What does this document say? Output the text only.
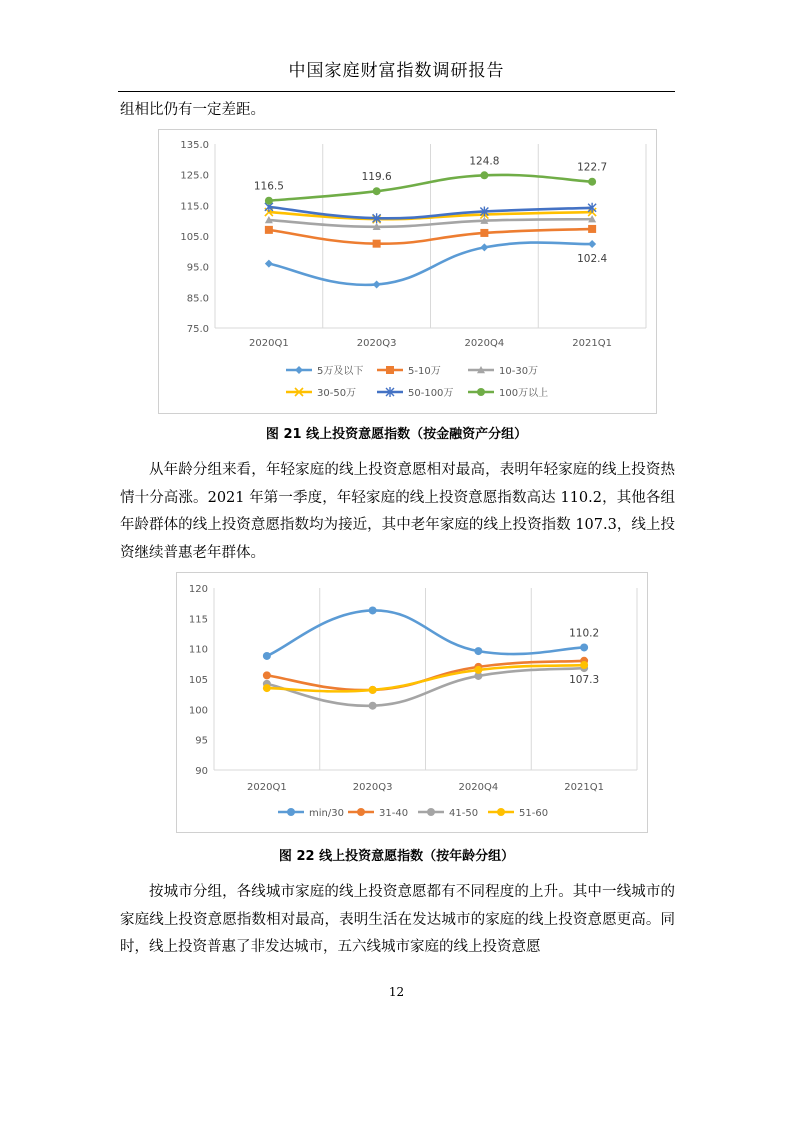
中国家庭财富指数调研报告
组相比仍有一定差距。
75.0
85.0
95.0
105.0
115.0
125.0
135.0
2020Q1	2020Q3	2020Q4	2021Q1
116.5
119.6
124.8
122.7
102.4
5万及以下	5-10万	10-30万
30-50万	50-100万	100万以上
图 21 线上投资意愿指数（按金融资产分组）
从年龄分组来看，年轻家庭的线上投资意愿相对最高，表明年轻家庭的线上投资热情十分高涨。2021 年第一季度，年轻家庭的线上投资意愿指数高达 110.2，其他各组年龄群体的线上投资意愿指数均为接近，其中老年家庭的线上投资指数 107.3，线上投资继续普惠老年群体。
90
95
100
105
110
115
120
2020Q1	2020Q3	2020Q4	2021Q1
110.2
107.3
min/30	31-40	41-50	51-60
图 22 线上投资意愿指数（按年龄分组）
按城市分组，各线城市家庭的线上投资意愿都有不同程度的上升。其中一线城市的家庭线上投资意愿指数相对最高，表明生活在发达城市的家庭的线上投资意愿更高。同时，线上投资普惠了非发达城市，五六线城市家庭的线上投资意愿
12
